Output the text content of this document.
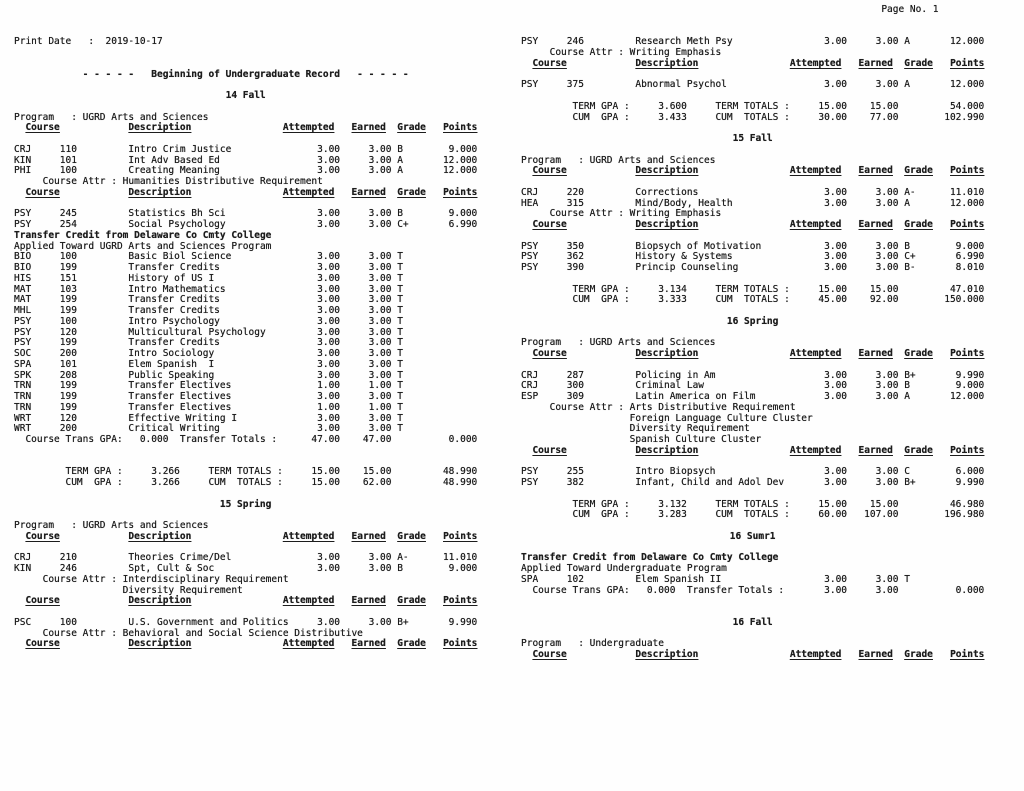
Print Date   :  2019-10-17
- - - - -   Beginning of Undergraduate Record   - - - - -
14 Fall
Program   : UGRD Arts and Sciences
Course	Description	Attempted Earned Grade Points
CRJ     110         Intro Crim Justice               3.00     3.00 B        9.000
KIN     101         Int Adv Based Ed                 3.00     3.00 A       12.000
PHI     100         Creating Meaning                 3.00     3.00 A       12.000
Course Attr : Humanities Distributive Requirement
Course	Description	Attempted Earned Grade Points
PSY     245         Statistics Bh Sci                3.00     3.00 B        9.000
PSY     254         Social Psychology                3.00     3.00 C+       6.990
Transfer Credit from Delaware Co Cmty College
Applied Toward UGRD Arts and Sciences Program
BIO     100         Basic Biol Science               3.00     3.00 T
BIO     199         Transfer Credits                 3.00     3.00 T
HIS     151         History of US I                  3.00     3.00 T
MAT     103         Intro Mathematics                3.00     3.00 T
MAT     199         Transfer Credits                 3.00     3.00 T
MHL     199         Transfer Credits                 3.00     3.00 T
PSY     100         Intro Psychology                 3.00     3.00 T
PSY     120         Multicultural Psychology         3.00     3.00 T
PSY     199         Transfer Credits                 3.00     3.00 T
SOC     200         Intro Sociology                  3.00     3.00 T
SPA     101         Elem Spanish  I                  3.00     3.00 T
SPK     208         Public Speaking                  3.00     3.00 T
TRN     199         Transfer Electives               1.00     1.00 T
TRN     199         Transfer Electives               3.00     3.00 T
TRN     199         Transfer Electives               1.00     1.00 T
WRT     120         Effective Writing I              3.00     3.00 T
WRT     200         Critical Writing                 3.00     3.00 T
Course Trans GPA:   0.000  Transfer Totals :      47.00    47.00          0.000
TERM GPA :     3.266     TERM TOTALS :     15.00    15.00         48.990
CUM  GPA :     3.266     CUM  TOTALS :     15.00    62.00         48.990
15 Spring
Program   : UGRD Arts and Sciences
Course	Description	Attempted Earned Grade Points
CRJ     210         Theories Crime/Del               3.00     3.00 A-      11.010
KIN     246         Spt, Cult & Soc                  3.00     3.00 B        9.000
Course Attr : Interdisciplinary Requirement
Diversity Requirement
Course	Description	Attempted Earned Grade Points
PSC     100         U.S. Government and Politics     3.00     3.00 B+       9.990
Course Attr : Behavioral and Social Science Distributive
Course	Description	Attempted Earned Grade Points
Page No. 1
PSY     246         Research Meth Psy                3.00     3.00 A       12.000
Course Attr : Writing Emphasis
Course	Description	Attempted Earned Grade Points
PSY     375         Abnormal Psychol                 3.00     3.00 A       12.000
TERM GPA :     3.600     TERM TOTALS :     15.00    15.00         54.000
CUM  GPA :     3.433     CUM  TOTALS :     30.00    77.00        102.990
15 Fall
Program   : UGRD Arts and Sciences
Course	Description	Attempted Earned Grade Points
CRJ     220         Corrections                      3.00     3.00 A-      11.010
HEA     315         Mind/Body, Health                3.00     3.00 A       12.000
Course Attr : Writing Emphasis
Course	Description	Attempted Earned Grade Points
PSY     350         Biopsych of Motivation           3.00     3.00 B        9.000
PSY     362         History & Systems                3.00     3.00 C+       6.990
PSY     390         Princip Counseling               3.00     3.00 B-       8.010
TERM GPA :     3.134     TERM TOTALS :     15.00    15.00         47.010
CUM  GPA :     3.333     CUM  TOTALS :     45.00    92.00        150.000
16 Spring
Program   : UGRD Arts and Sciences
Course	Description	Attempted Earned Grade Points
CRJ     287         Policing in Am                   3.00     3.00 B+       9.990
CRJ     300         Criminal Law                     3.00     3.00 B        9.000
ESP     309         Latin America on Film            3.00     3.00 A       12.000
Course Attr : Arts Distributive Requirement
Foreign Language Culture Cluster
Diversity Requirement
Spanish Culture Cluster
Course	Description	Attempted Earned Grade Points
PSY     255         Intro Biopsych                   3.00     3.00 C        6.000
PSY     382         Infant, Child and Adol Dev       3.00     3.00 B+       9.990
TERM GPA :     3.132     TERM TOTALS :     15.00    15.00         46.980
CUM  GPA :     3.283     CUM  TOTALS :     60.00   107.00        196.980
16 Sumr1
Transfer Credit from Delaware Co Cmty College
Applied Toward Undergraduate Program
SPA     102         Elem Spanish II                  3.00     3.00 T
Course Trans GPA:   0.000  Transfer Totals :       3.00     3.00          0.000
16 Fall
Program   : Undergraduate
Course	Description	Attempted Earned Grade Points
